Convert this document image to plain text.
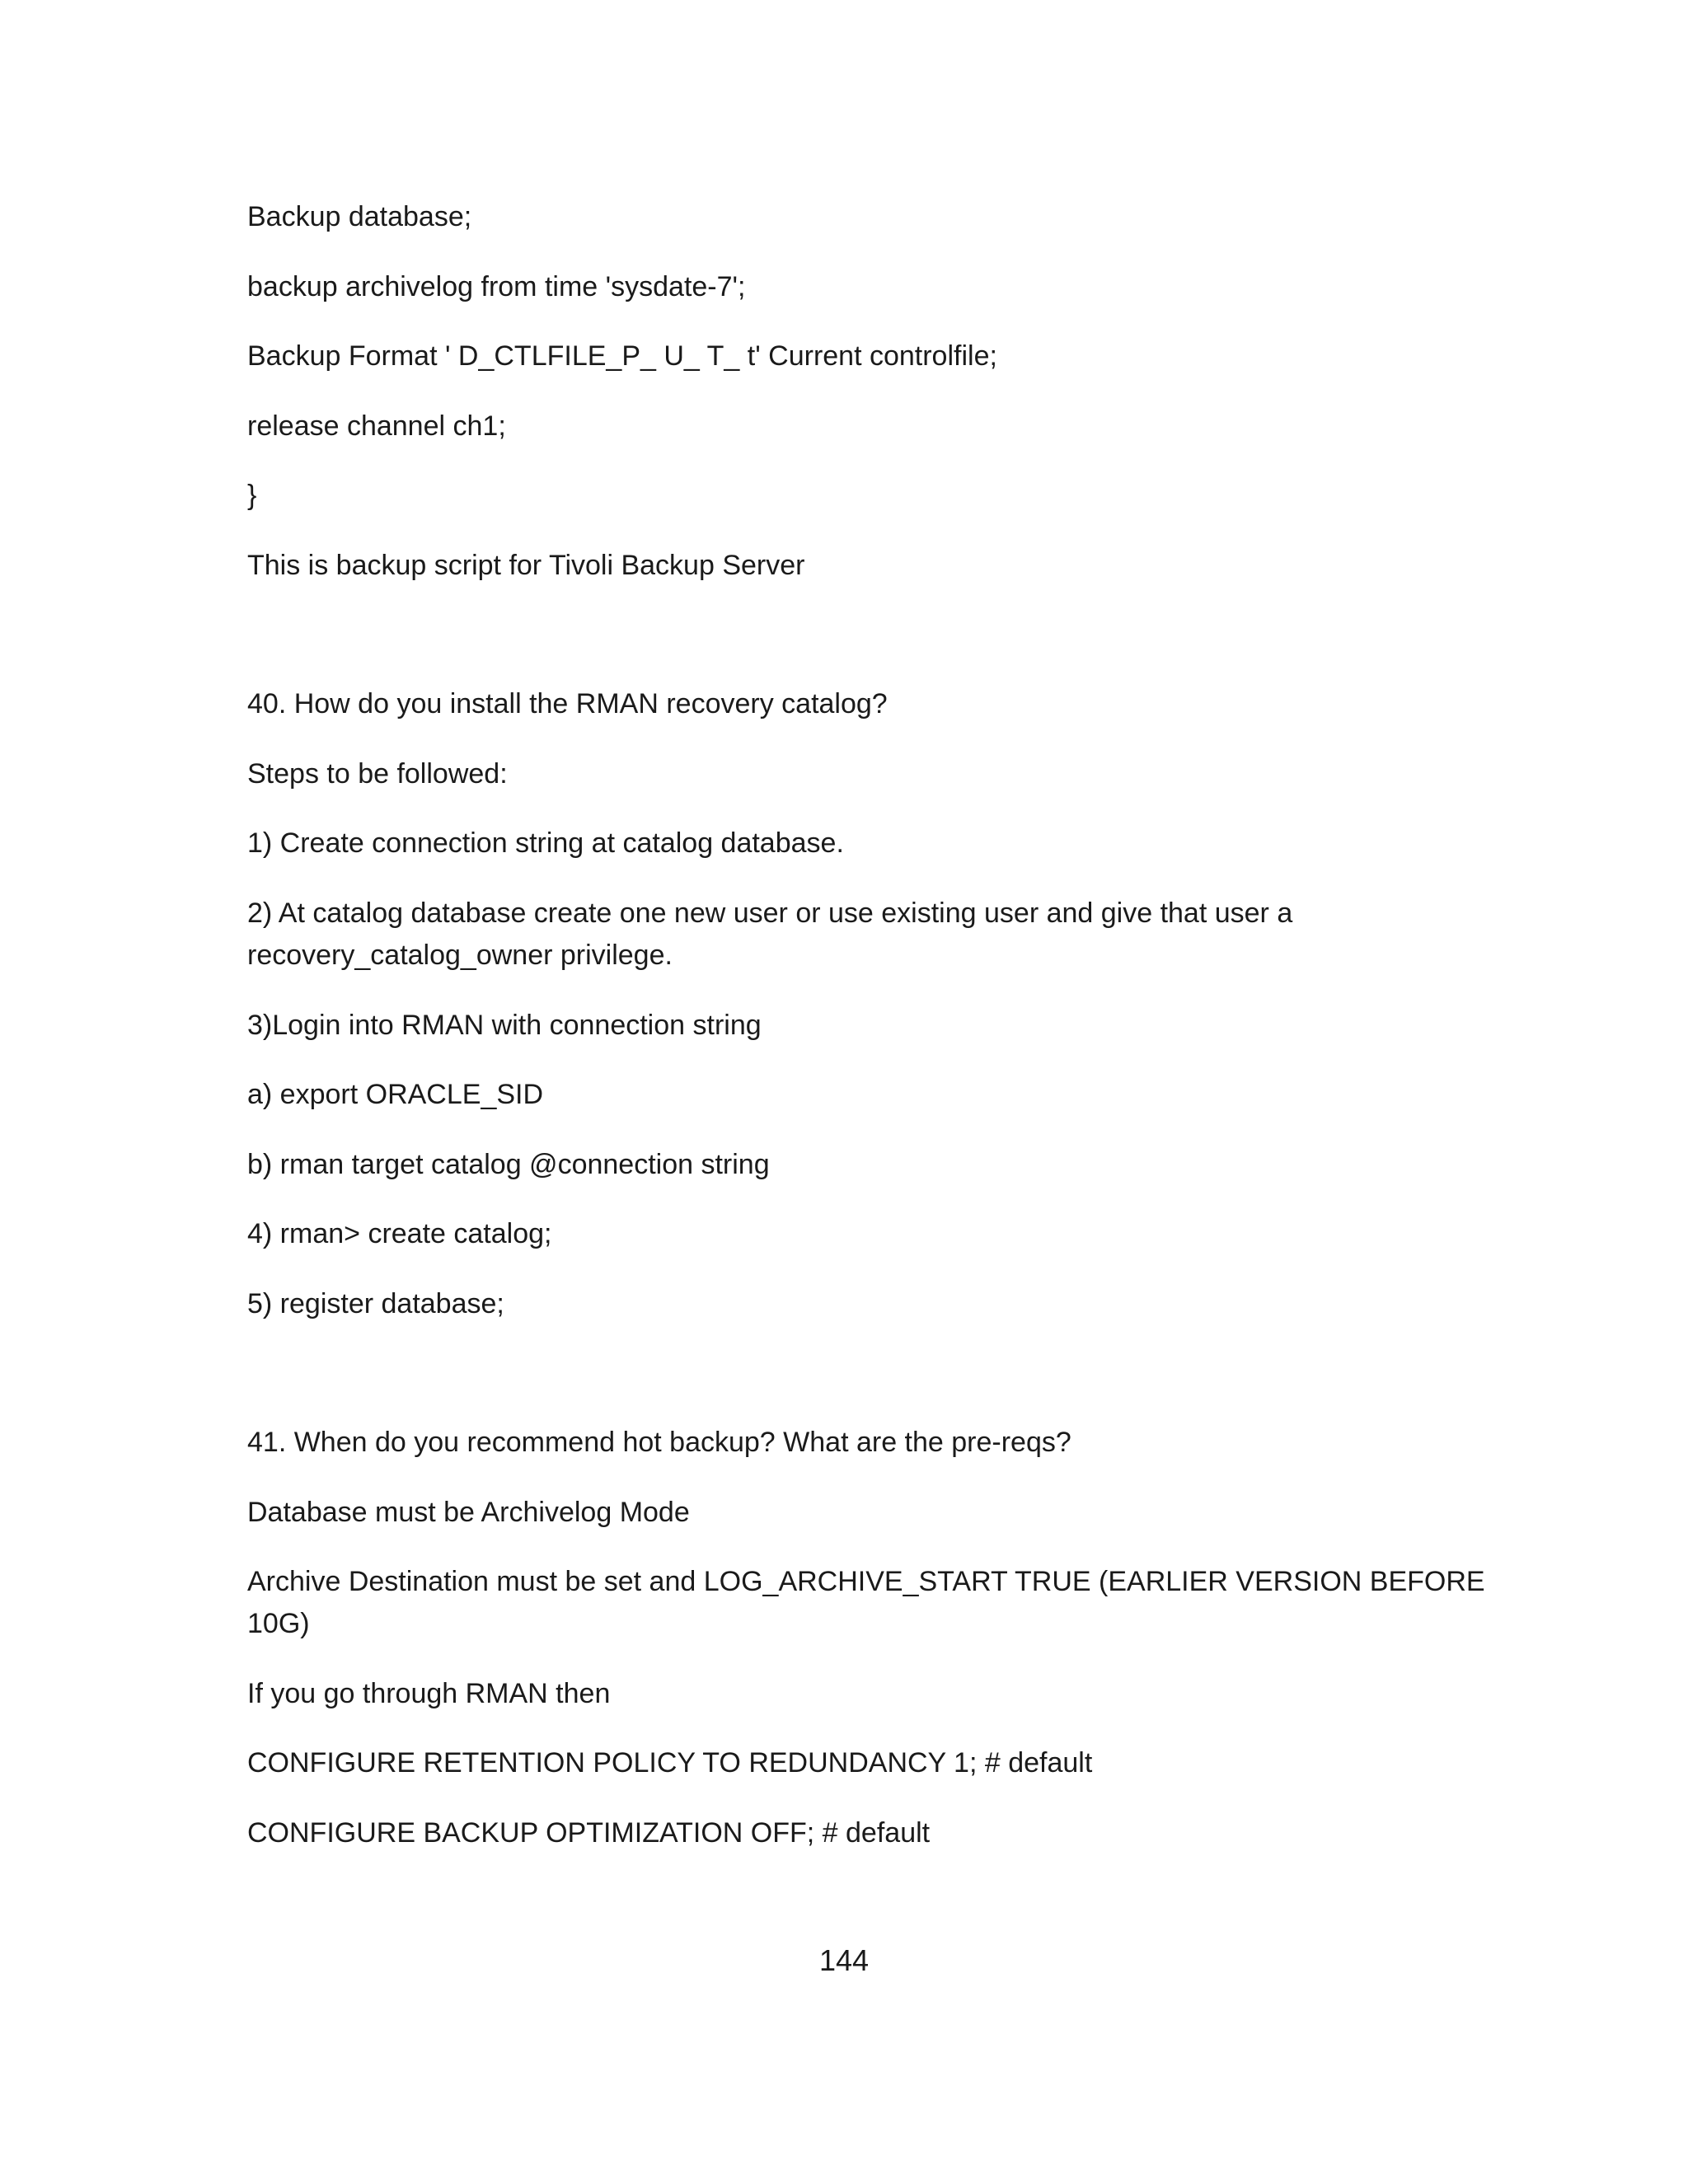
Backup database;
backup archivelog from time 'sysdate-7';
Backup Format ' D_CTLFILE_P_ U_ T_ t' Current controlfile;
release channel ch1;
}
This is backup script for Tivoli Backup Server
40. How do you install the RMAN recovery catalog?
Steps to be followed:
1) Create connection string at catalog database.
2) At catalog database create one new user or use existing user and give that user a
recovery_catalog_owner privilege.
3)Login into RMAN with connection string
a) export ORACLE_SID
b) rman target catalog @connection string
4) rman> create catalog;
5) register database;
41. When do you recommend hot backup? What are the pre-reqs?
Database must be Archivelog Mode
Archive Destination must be set and LOG_ARCHIVE_START TRUE (EARLIER VERSION BEFORE
10G)
If you go through RMAN then
CONFIGURE RETENTION POLICY TO REDUNDANCY 1; # default
CONFIGURE BACKUP OPTIMIZATION OFF; # default
144
